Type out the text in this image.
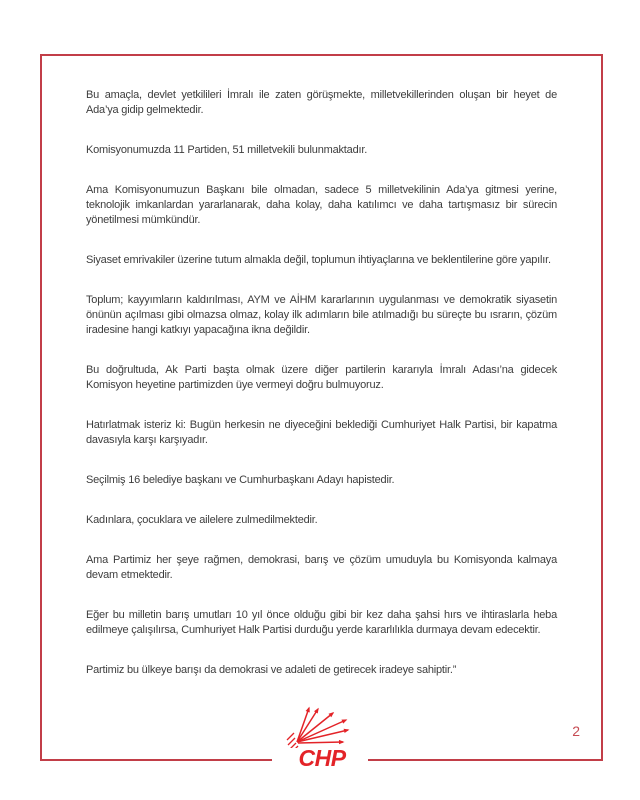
Bu amaçla, devlet yetkilileri İmralı ile zaten görüşmekte, milletvekillerinden oluşan bir heyet de Ada’ya gidip gelmektedir.

Komisyonumuzda 11 Partiden, 51 milletvekili bulunmaktadır.

Ama Komisyonumuzun Başkanı bile olmadan, sadece 5 milletvekilinin Ada’ya gitmesi yerine, teknolojik imkanlardan yararlanarak, daha kolay, daha katılımcı ve daha tartışmasız bir sürecin yönetilmesi mümkündür.

Siyaset emrivakiler üzerine tutum almakla değil, toplumun ihtiyaçlarına ve beklentilerine göre yapılır.

Toplum; kayyımların kaldırılması, AYM ve AİHM kararlarının uygulanması ve demokratik siyasetin önünün açılması gibi olmazsa olmaz, kolay ilk adımların bile atılmadığı bu süreçte bu ısrarın, çözüm iradesine hangi katkıyı yapacağına ikna değildir.

Bu doğrultuda, Ak Parti başta olmak üzere diğer partilerin kararıyla İmralı Adası’na gidecek Komisyon heyetine partimizden üye vermeyi doğru bulmuyoruz.

Hatırlatmak isteriz ki: Bugün herkesin ne diyeceğini beklediği Cumhuriyet Halk Partisi, bir kapatma davasıyla karşı karşıyadır.

Seçilmiş 16 belediye başkanı ve Cumhurbaşkanı Adayı hapistedir.

Kadınlara, çocuklara ve ailelere zulmedilmektedir.

Ama Partimiz her şeye rağmen, demokrasi, barış ve çözüm umuduyla bu Komisyonda kalmaya devam etmektedir.

Eğer bu milletin barış umutları 10 yıl önce olduğu gibi bir kez daha şahsi hırs ve ihtiraslarla heba edilmeye çalışılırsa, Cumhuriyet Halk Partisi durduğu yerde kararlılıkla durmaya devam edecektir.

Partimiz bu ülkeye barışı da demokrasi ve adaleti de getirecek iradeye sahiptir.”

2
CHP
